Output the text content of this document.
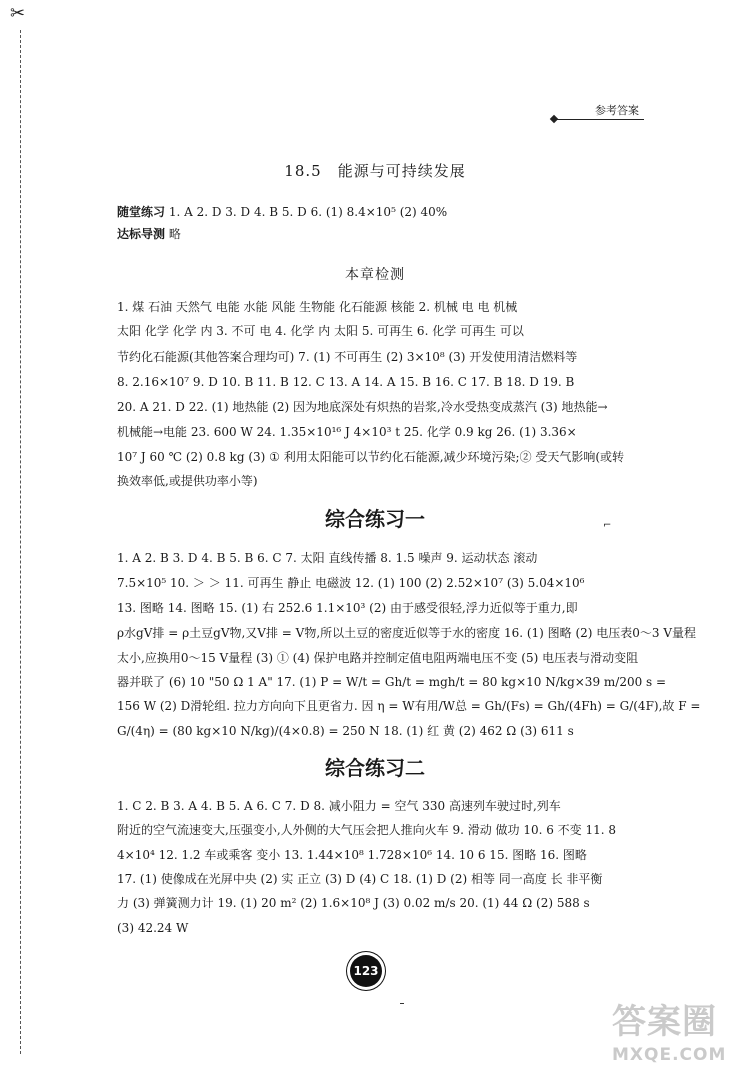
✂
参考答案
18.5　能源与可持续发展
随堂练习 1. A 2. D 3. D 4. B 5. D 6. (1) 8.4×10⁵ (2) 40%
达标导测 略
本章检测
1. 煤 石油 天然气 电能 水能 风能 生物能 化石能源 核能 2. 机械 电 电 机械
太阳 化学 化学 内 3. 不可 电 4. 化学 内 太阳 5. 可再生 6. 化学 可再生 可以
节约化石能源(其他答案合理均可) 7. (1) 不可再生 (2) 3×10⁸ (3) 开发使用清洁燃料等
8. 2.16×10⁷ 9. D 10. B 11. B 12. C 13. A 14. A 15. B 16. C 17. B 18. D 19. B
20. A 21. D 22. (1) 地热能 (2) 因为地底深处有炽热的岩浆,冷水受热变成蒸汽 (3) 地热能→
机械能→电能 23. 600 W 24. 1.35×10¹⁶ J 4×10³ t 25. 化学 0.9 kg 26. (1) 3.36×
10⁷ J 60 ℃ (2) 0.8 kg (3) ① 利用太阳能可以节约化石能源,减少环境污染;② 受天气影响(或转
换效率低,或提供功率小等)
综合练习一	⌐
1. A 2. B 3. D 4. B 5. B 6. C 7. 太阳 直线传播 8. 1.5 噪声 9. 运动状态 滚动
7.5×10⁵ 10. ＞ ＞ 11. 可再生 静止 电磁波 12. (1) 100 (2) 2.52×10⁷ (3) 5.04×10⁶
13. 图略 14. 图略 15. (1) 右 252.6 1.1×10³ (2) 由于感受很轻,浮力近似等于重力,即
ρ水gV排 = ρ土豆gV物,又V排 = V物,所以土豆的密度近似等于水的密度 16. (1) 图略 (2) 电压表0～3 V量程
太小,应换用0～15 V量程 (3) ① (4) 保护电路并控制定值电阻两端电压不变 (5) 电压表与滑动变阻
器并联了 (6) 10 "50 Ω 1 A" 17. (1) P = W/t = Gh/t = mgh/t = 80 kg×10 N/kg×39 m/200 s =
156 W (2) D滑轮组. 拉力方向向下且更省力. 因 η = W有用/W总 = Gh/(Fs) = Gh/(4Fh) = G/(4F),故 F =
G/(4η) = (80 kg×10 N/kg)/(4×0.8) = 250 N 18. (1) 红 黄 (2) 462 Ω (3) 611 s
综合练习二
1. C 2. B 3. A 4. B 5. A 6. C 7. D 8. 减小阻力 = 空气 330 高速列车驶过时,列车
附近的空气流速变大,压强变小,人外侧的大气压会把人推向火车 9. 滑动 做功 10. 6 不变 11. 8
4×10⁴ 12. 1.2 车或乘客 变小 13. 1.44×10⁸ 1.728×10⁶ 14. 10 6 15. 图略 16. 图略
17. (1) 使像成在光屏中央 (2) 实 正立 (3) D (4) C 18. (1) D (2) 相等 同一高度 长 非平衡
力 (3) 弹簧测力计 19. (1) 20 m² (2) 1.6×10⁸ J (3) 0.02 m/s 20. (1) 44 Ω (2) 588 s
(3) 42.24 W
123
答案圈
MXQE.COM
